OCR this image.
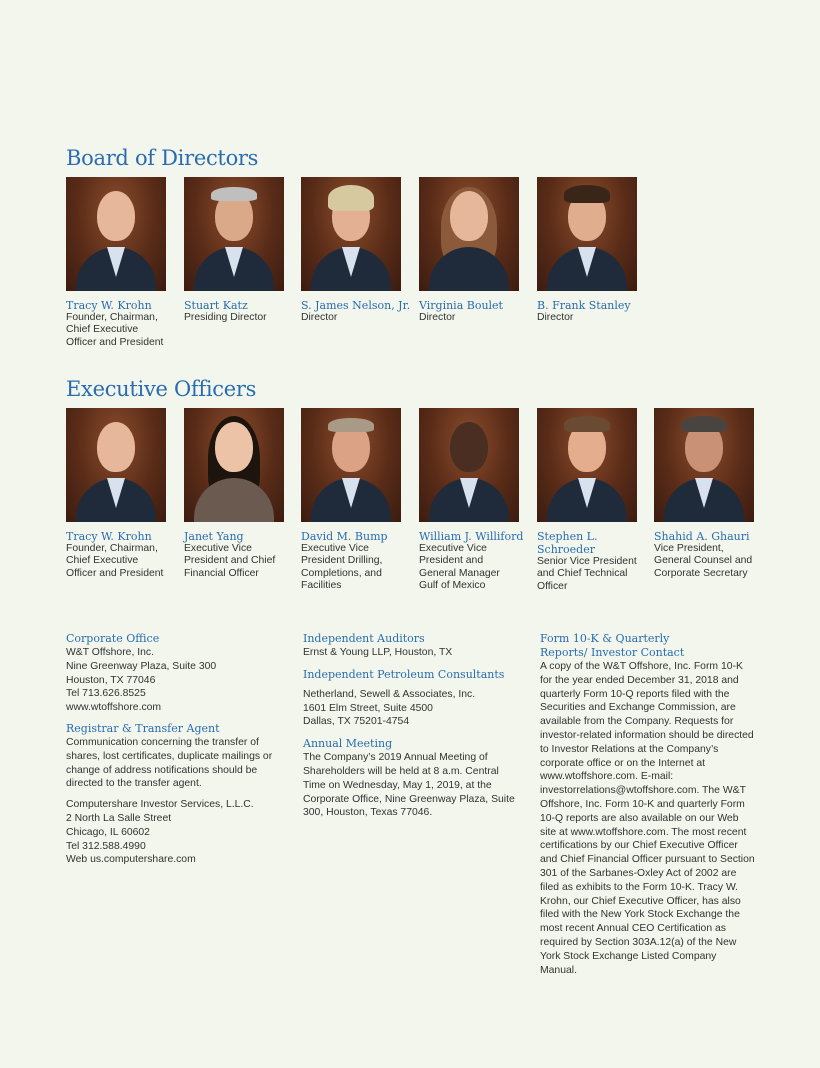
Board of Directors
Tracy W. Krohn
Founder, Chairman, Chief Executive Officer and President
Stuart Katz
Presiding Director
S. James Nelson, Jr.
Director
Virginia Boulet
Director
B. Frank Stanley
Director
Executive Officers
Tracy W. Krohn
Founder, Chairman, Chief Executive Officer and President
Janet Yang
Executive Vice President and Chief Financial Officer
David M. Bump
Executive Vice President Drilling, Completions, and Facilities
William J. Williford
Executive Vice President and General Manager Gulf of Mexico
Stephen L. Schroeder
Senior Vice President and Chief Technical Officer
Shahid A. Ghauri
Vice President, General Counsel and Corporate Secretary
Corporate Office

W&T Offshore, Inc.

Nine Greenway Plaza, Suite 300

Houston, TX 77046

Tel 713.626.8525

www.wtoffshore.com

Registrar & Transfer Agent

Communication concerning the transfer of shares, lost certificates, duplicate mailings or change of address notifications should be directed to the transfer agent.

Computershare Investor Services, L.L.C.

2 North La Salle Street

Chicago, IL 60602

Tel 312.588.4990

Web us.computershare.com

Independent Auditors

Ernst & Young LLP, Houston, TX

Independent Petroleum Consultants

Netherland, Sewell & Associates, Inc.

1601 Elm Street, Suite 4500

Dallas, TX 75201-4754

Annual Meeting

The Company’s 2019 Annual Meeting of Shareholders will be held at 8 a.m. Central Time on Wednesday, May 1, 2019, at the Corporate Office, Nine Greenway Plaza, Suite 300, Houston, Texas 77046.

Form 10-K & Quarterly Reports/ Investor Contact

A copy of the W&T Offshore, Inc. Form 10-K for the year ended December 31, 2018 and quarterly Form 10-Q reports filed with the Securities and Exchange Commission, are available from the Company. Requests for investor-related information should be directed to Investor Relations at the Company’s corporate office or on the Internet at www.wtoffshore.com. E-mail: investorrelations@wtoffshore.com. The W&T Offshore, Inc. Form 10-K and quarterly Form 10-Q reports are also available on our Web site at www.wtoffshore.com. The most recent certifications by our Chief Executive Officer and Chief Financial Officer pursuant to Section 301 of the Sarbanes-Oxley Act of 2002 are filed as exhibits to the Form 10-K. Tracy W. Krohn, our Chief Executive Officer, has also filed with the New York Stock Exchange the most recent Annual CEO Certification as required by Section 303A.12(a) of the New York Stock Exchange Listed Company Manual.
